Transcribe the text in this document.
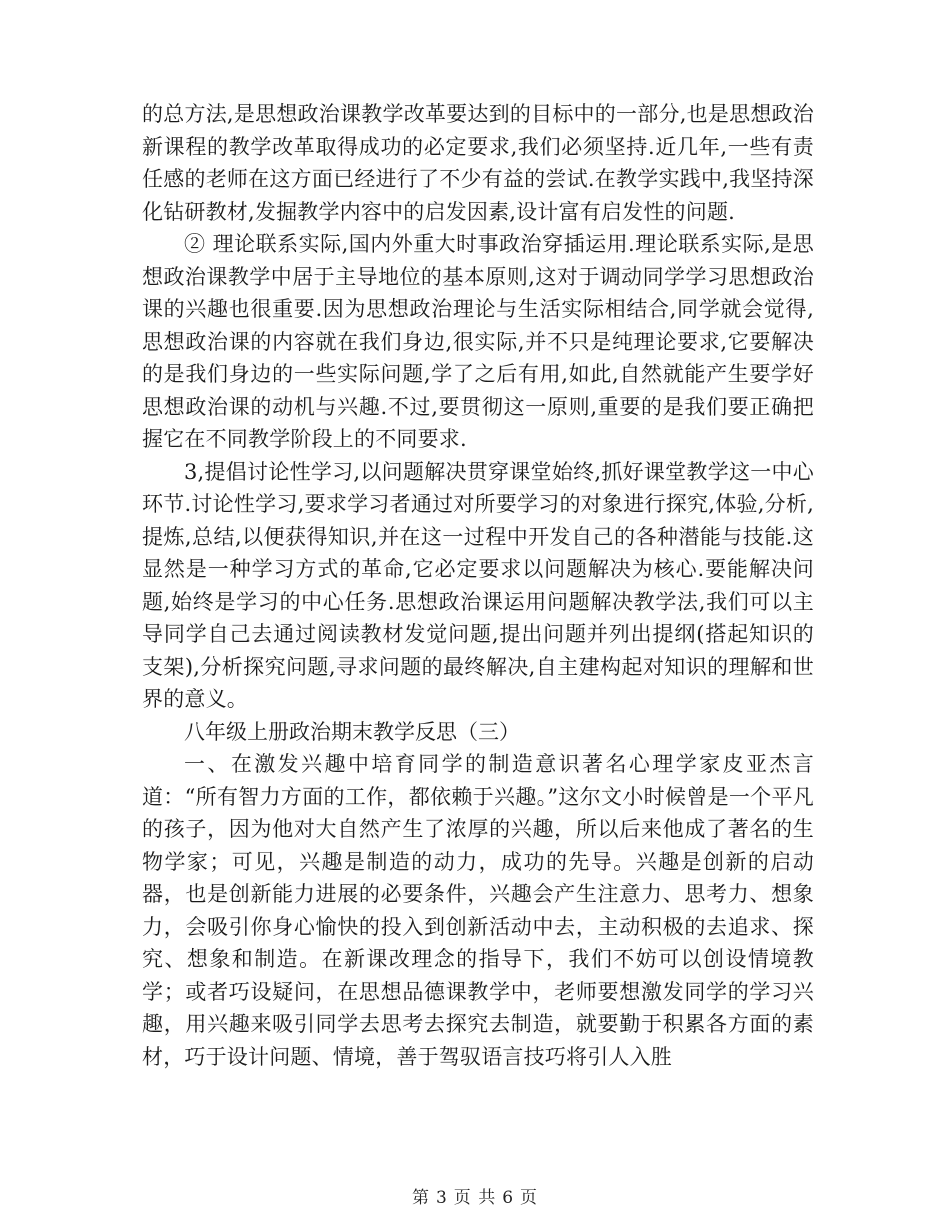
的总方法,是思想政治课教学改革要达到的目标中的一部分,也是思想政治新课程的教学改革取得成功的必定要求,我们必须坚持.近几年,一些有责任感的老师在这方面已经进行了不少有益的尝试.在教学实践中,我坚持深化钻研教材,发掘教学内容中的启发因素,设计富有启发性的问题.

② 理论联系实际,国内外重大时事政治穿插运用.理论联系实际,是思想政治课教学中居于主导地位的基本原则,这对于调动同学学习思想政治课的兴趣也很重要.因为思想政治理论与生活实际相结合,同学就会觉得,思想政治课的内容就在我们身边,很实际,并不只是纯理论要求,它要解决的是我们身边的一些实际问题,学了之后有用,如此,自然就能产生要学好思想政治课的动机与兴趣.不过,要贯彻这一原则,重要的是我们要正确把握它在不同教学阶段上的不同要求.

3,提倡讨论性学习,以问题解决贯穿课堂始终,抓好课堂教学这一中心环节.讨论性学习,要求学习者通过对所要学习的对象进行探究,体验,分析,提炼,总结,以便获得知识,并在这一过程中开发自己的各种潜能与技能.这显然是一种学习方式的革命,它必定要求以问题解决为核心.要能解决问题,始终是学习的中心任务.思想政治课运用问题解决教学法,我们可以主导同学自己去通过阅读教材发觉问题,提出问题并列出提纲(搭起知识的支架),分析探究问题,寻求问题的最终解决,自主建构起对知识的理解和世界的意义。

八年级上册政治期末教学反思（三）

一、在激发兴趣中培育同学的制造意识著名心理学家皮亚杰言道：“所有智力方面的工作，都依赖于兴趣。”这尔文小时候曾是一个平凡的孩子，因为他对大自然产生了浓厚的兴趣，所以后来他成了著名的生物学家；可见，兴趣是制造的动力，成功的先导。兴趣是创新的启动器，也是创新能力进展的必要条件，兴趣会产生注意力、思考力、想象力，会吸引你身心愉快的投入到创新活动中去，主动积极的去追求、探究、想象和制造。在新课改理念的指导下，我们不妨可以创设情境教学；或者巧设疑问，在思想品德课教学中，老师要想激发同学的学习兴趣，用兴趣来吸引同学去思考去探究去制造，就要勤于积累各方面的素材，巧于设计问题、情境，善于驾驭语言技巧将引人入胜

第 3 页 共 6 页
